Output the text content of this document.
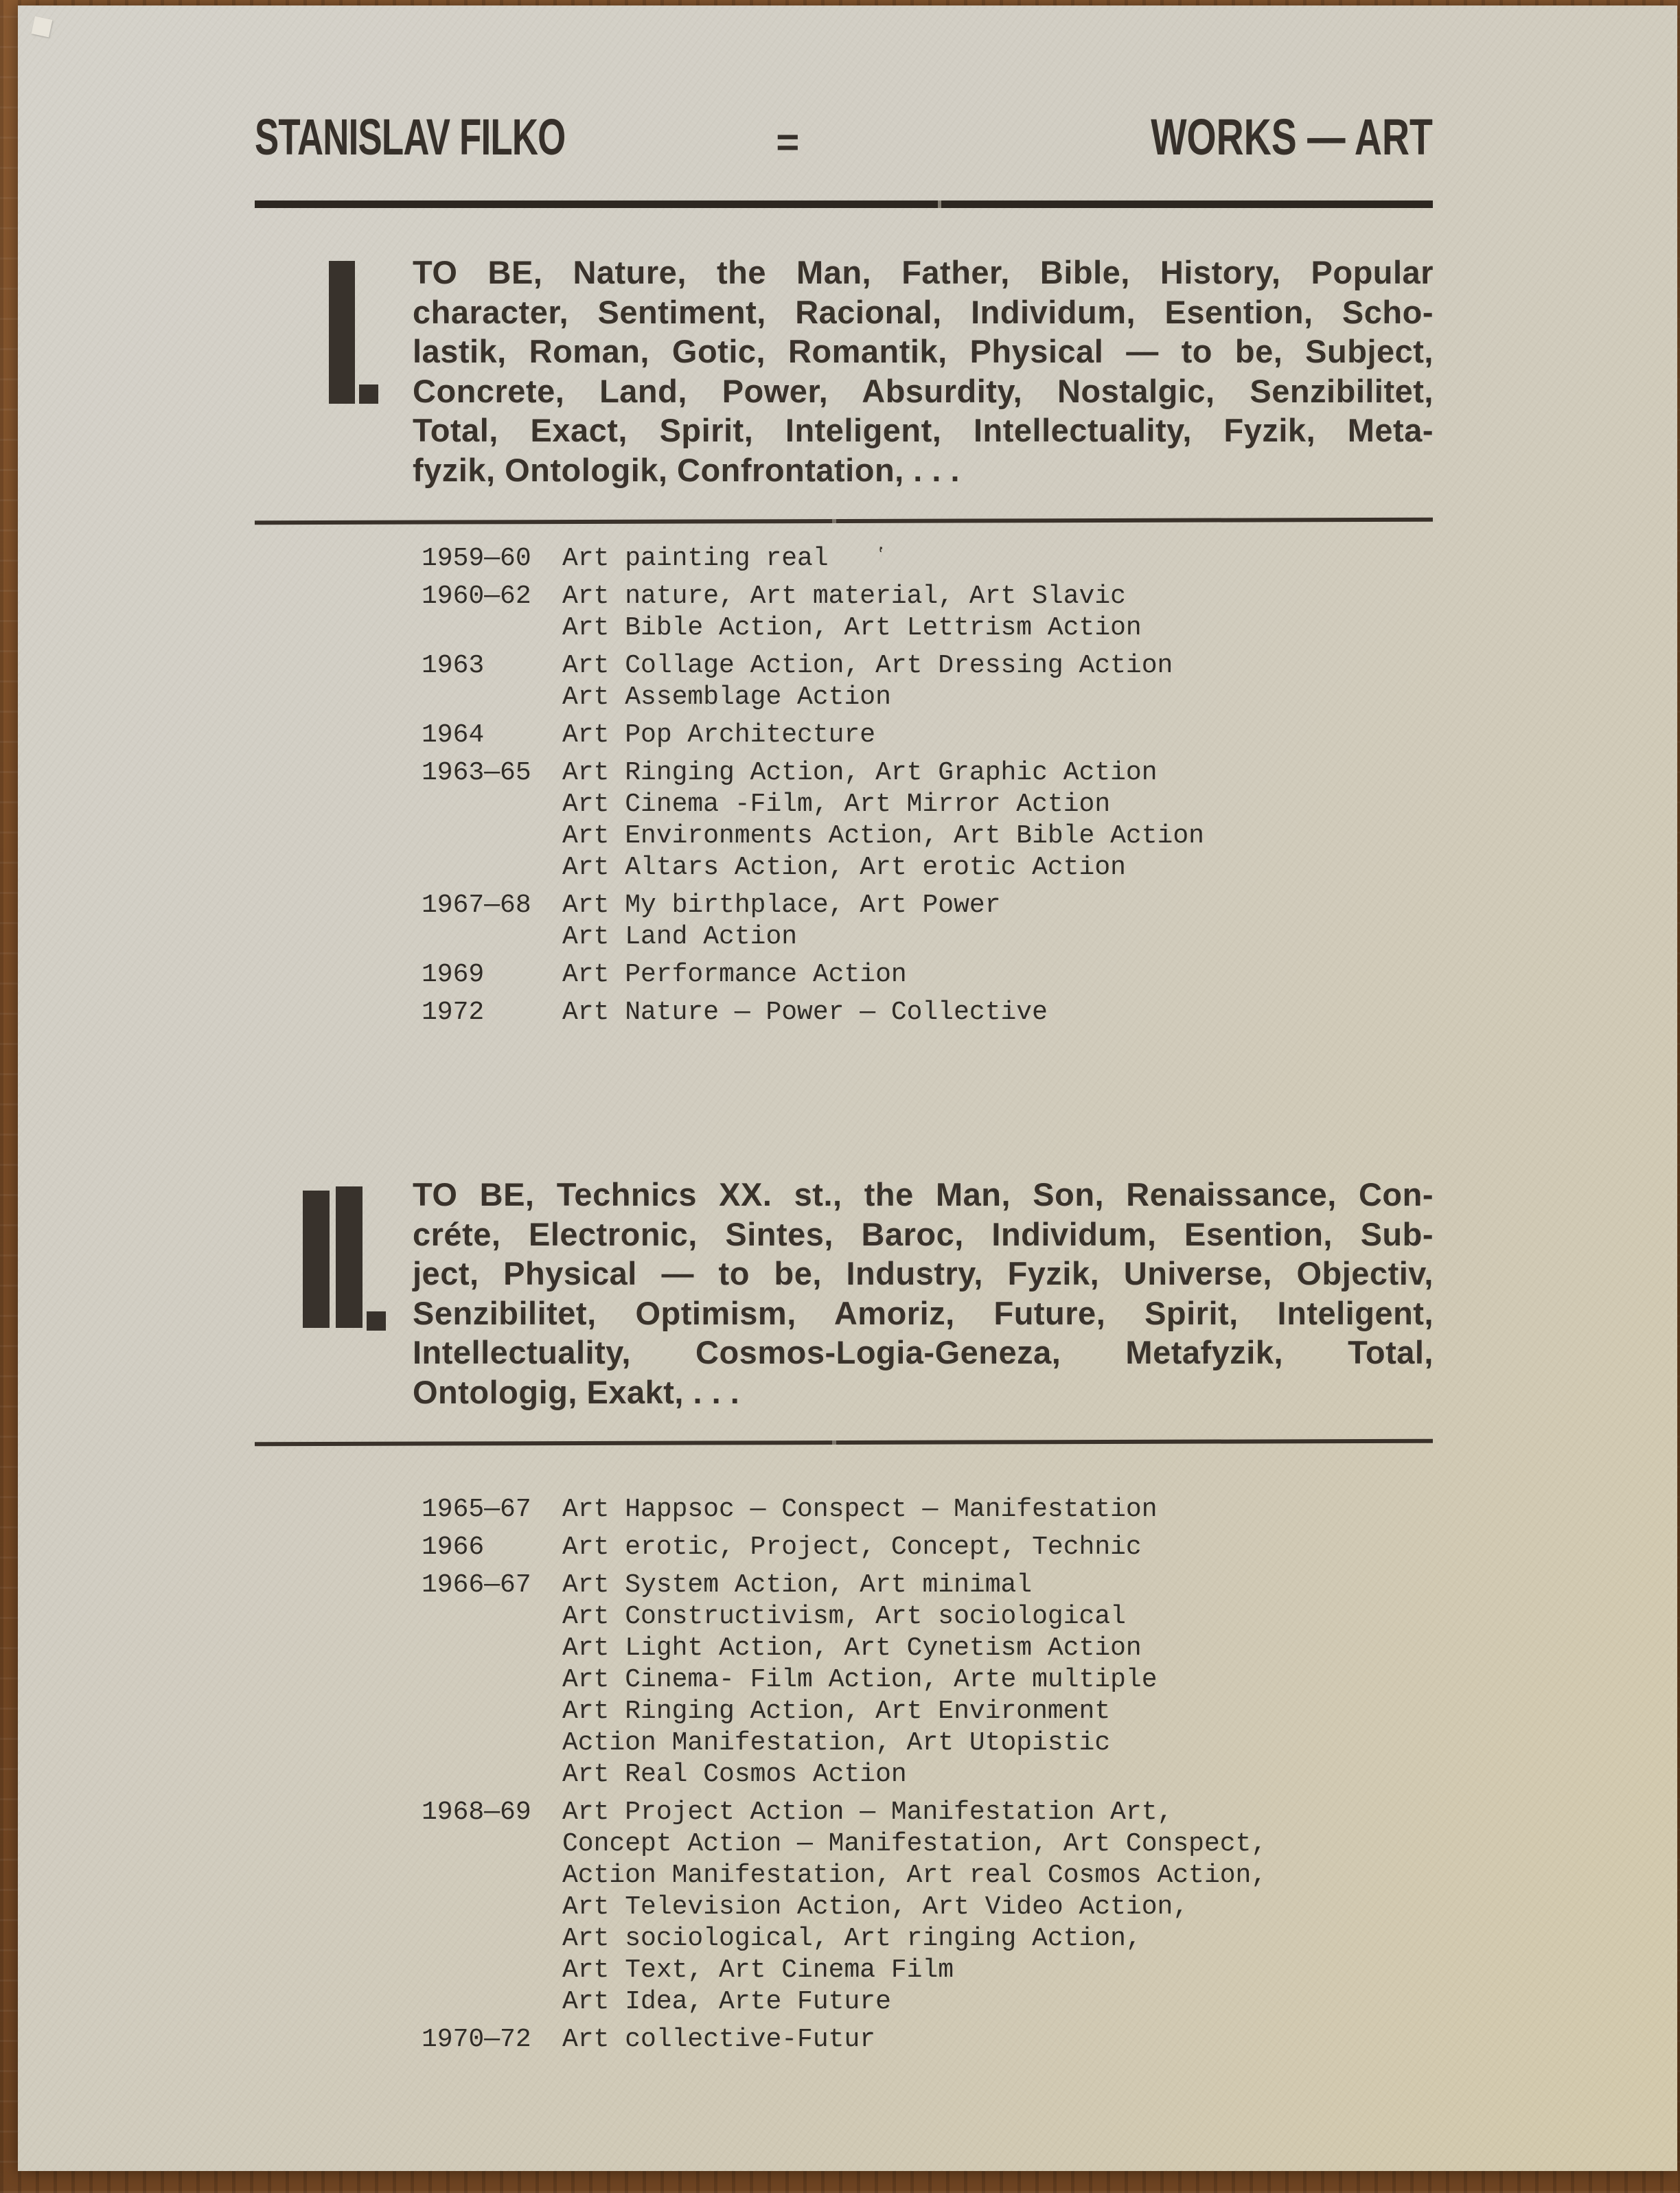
STANISLAV FILKO	=	WORKS — ART
TO BE, Nature, the Man, Father, Bible, History, Popular
character, Sentiment, Racional, Individum, Esention, Scho-
lastik, Roman, Gotic, Romantik, Physical — to be, Subject,
Concrete, Land, Power, Absurdity, Nostalgic, Senzibilitet,
Total, Exact, Spirit, Inteligent, Intellectuality, Fyzik, Meta-
fyzik, Ontologik, Confrontation, . . .
1959—60	Art painting real
1960—62	Art nature, Art material, Art Slavic
Art Bible Action, Art Lettrism Action
1963	Art Collage Action, Art Dressing Action
Art Assemblage Action
1964	Art Pop Architecture
1963—65	Art Ringing Action, Art Graphic Action
Art Cinema -Film, Art Mirror Action
Art Environments Action, Art Bible Action
Art Altars Action, Art erotic Action
1967—68	Art My birthplace, Art Power
Art Land Action
1969	Art Performance Action
1972	Art Nature — Power — Collective
ʽ
TO BE, Technics XX. st., the Man, Son, Renaissance, Con-
créte, Electronic, Sintes, Baroc, Individum, Esention, Sub-
ject, Physical — to be, Industry, Fyzik, Universe, Objectiv,
Senzibilitet, Optimism, Amoriz, Future, Spirit, Inteligent,
Intellectuality, Cosmos-Logia-Geneza, Metafyzik, Total,
Ontologig, Exakt, . . .
1965—67	Art Happsoc — Conspect — Manifestation
1966	Art erotic, Project, Concept, Technic
1966—67	Art System Action, Art minimal
Art Constructivism, Art sociological
Art Light Action, Art Cynetism Action
Art Cinema- Film Action, Arte multiple
Art Ringing Action, Art Environment
Action Manifestation, Art Utopistic
Art Real Cosmos Action
1968—69	Art Project Action — Manifestation Art,
Concept Action — Manifestation, Art Conspect,
Action Manifestation, Art real Cosmos Action,
Art Television Action, Art Video Action,
Art sociological, Art ringing Action,
Art Text, Art Cinema Film
Art Idea, Arte Future
1970—72	Art collective-Futur
